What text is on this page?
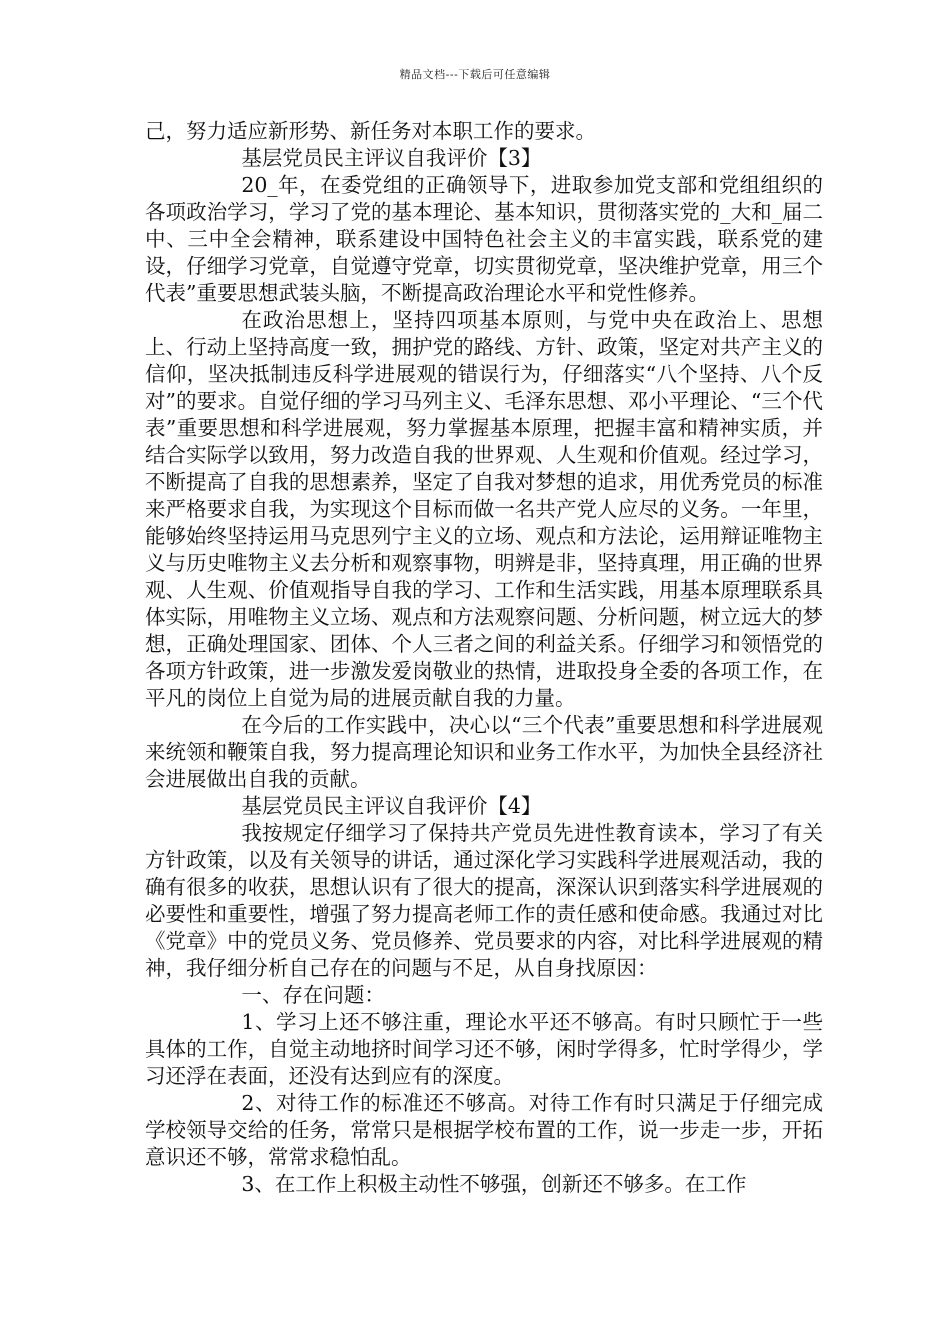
精品文档---下载后可任意编辑

己，努力适应新形势、新任务对本职工作的要求。

基层党员民主评议自我评价【3】

20_年，在委党组的正确领导下，进取参加党支部和党组组织的各项政治学习，学习了党的基本理论、基本知识，贯彻落实党的_大和_届二中、三中全会精神，联系建设中国特色社会主义的丰富实践，联系党的建设，仔细学习党章，自觉遵守党章，切实贯彻党章，坚决维护党章，用三个代表”重要思想武装头脑，不断提高政治理论水平和党性修养。

在政治思想上，坚持四项基本原则，与党中央在政治上、思想上、行动上坚持高度一致，拥护党的路线、方针、政策，坚定对共产主义的信仰，坚决抵制违反科学进展观的错误行为，仔细落实“八个坚持、八个反对”的要求。自觉仔细的学习马列主义、毛泽东思想、邓小平理论、“三个代表”重要思想和科学进展观，努力掌握基本原理，把握丰富和精神实质，并结合实际学以致用，努力改造自我的世界观、人生观和价值观。经过学习，不断提高了自我的思想素养，坚定了自我对梦想的追求，用优秀党员的标准来严格要求自我，为实现这个目标而做一名共产党人应尽的义务。一年里，能够始终坚持运用马克思列宁主义的立场、观点和方法论，运用辩证唯物主义与历史唯物主义去分析和观察事物，明辨是非，坚持真理，用正确的世界观、人生观、价值观指导自我的学习、工作和生活实践，用基本原理联系具体实际，用唯物主义立场、观点和方法观察问题、分析问题，树立远大的梦想，正确处理国家、团体、个人三者之间的利益关系。仔细学习和领悟党的各项方针政策，进一步激发爱岗敬业的热情，进取投身全委的各项工作，在平凡的岗位上自觉为局的进展贡献自我的力量。

在今后的工作实践中，决心以“三个代表”重要思想和科学进展观来统领和鞭策自我，努力提高理论知识和业务工作水平，为加快全县经济社会进展做出自我的贡献。

基层党员民主评议自我评价【4】

我按规定仔细学习了保持共产党员先进性教育读本，学习了有关方针政策，以及有关领导的讲话，通过深化学习实践科学进展观活动，我的确有很多的收获，思想认识有了很大的提高，深深认识到落实科学进展观的必要性和重要性，增强了努力提高老师工作的责任感和使命感。我通过对比《党章》中的党员义务、党员修养、党员要求的内容，对比科学进展观的精神，我仔细分析自己存在的问题与不足，从自身找原因：

一、存在问题：

1、学习上还不够注重，理论水平还不够高。有时只顾忙于一些具体的工作，自觉主动地挤时间学习还不够，闲时学得多，忙时学得少，学习还浮在表面，还没有达到应有的深度。

2、对待工作的标准还不够高。对待工作有时只满足于仔细完成学校领导交给的任务，常常只是根据学校布置的工作，说一步走一步，开拓意识还不够，常常求稳怕乱。

3、在工作上积极主动性不够强，创新还不够多。在工作
